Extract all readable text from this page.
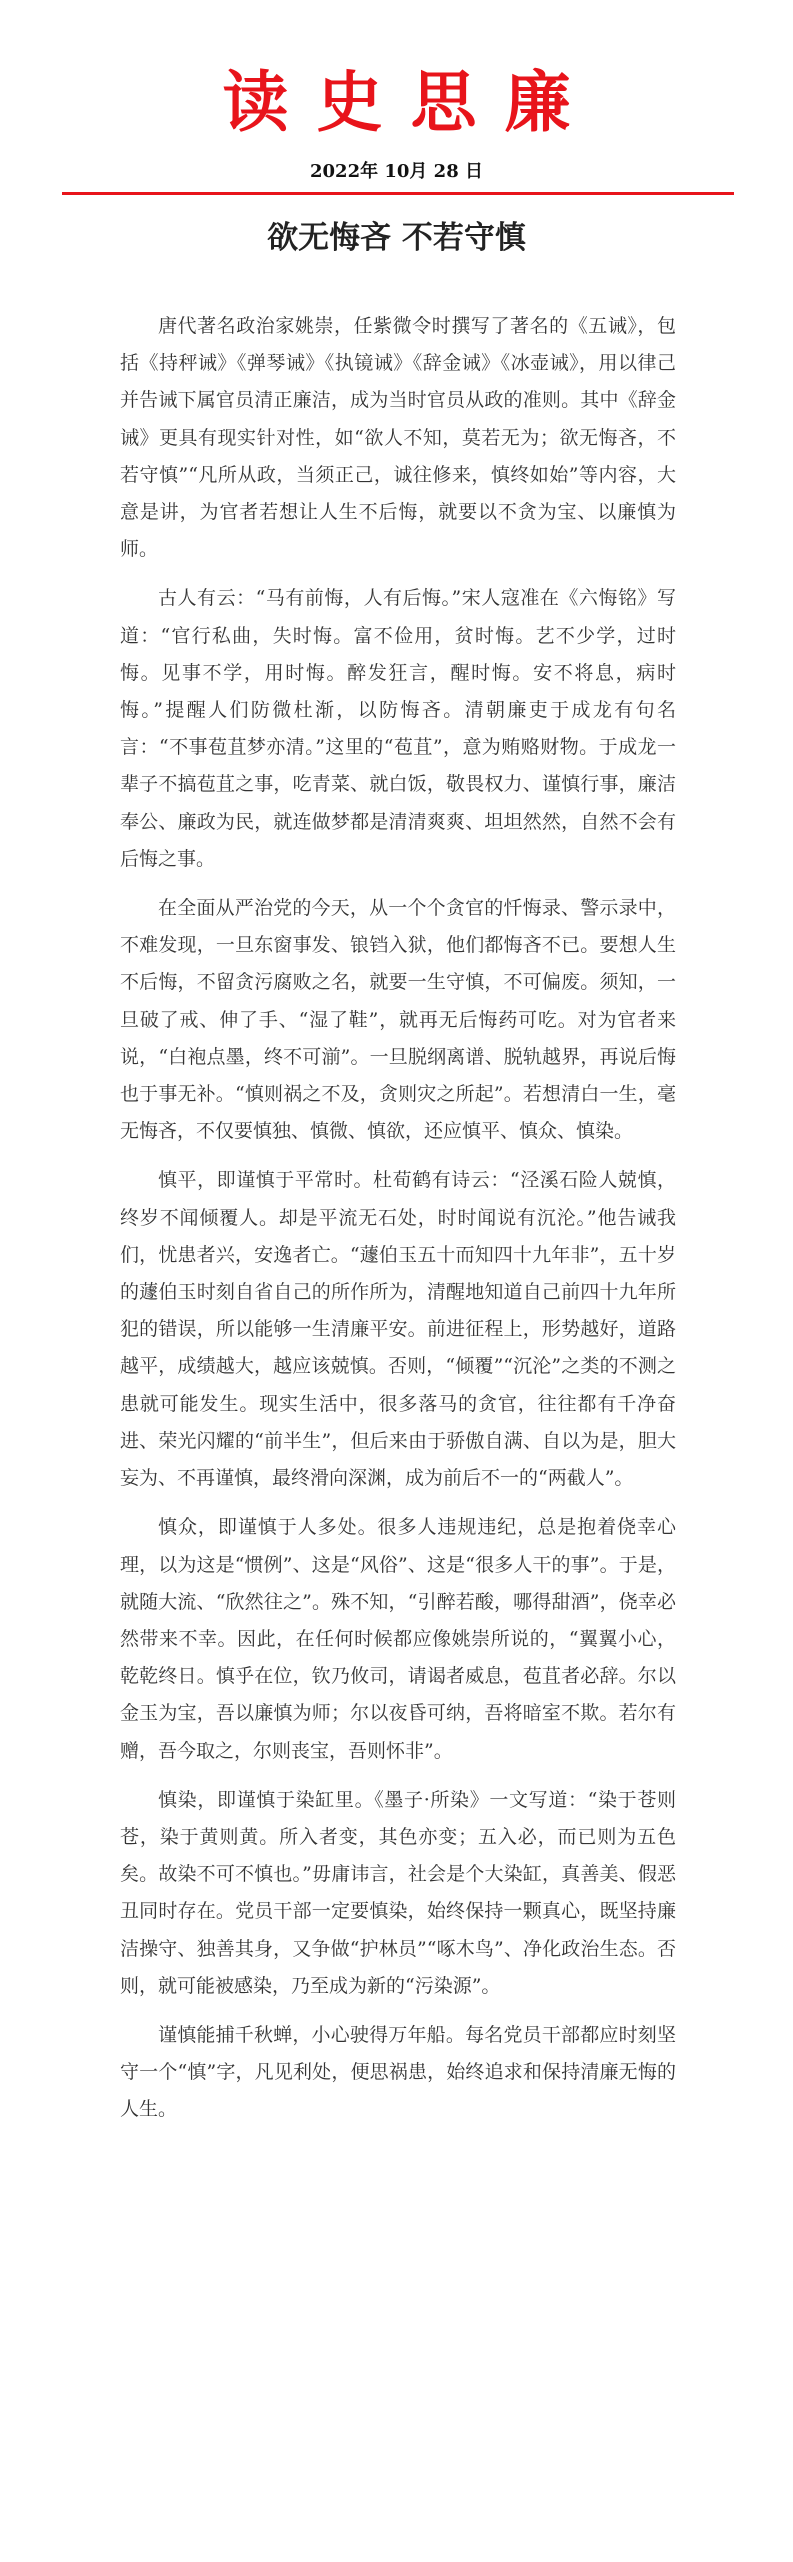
读史思廉
2022年 10月 28 日
欲无悔吝 不若守慎

唐代著名政治家姚崇，任紫微令时撰写了著名的《五诫》，包括《持秤诫》《弹琴诫》《执镜诫》《辞金诫》《冰壶诫》，用以律己并告诫下属官员清正廉洁，成为当时官员从政的准则。其中《辞金诫》更具有现实针对性，如“欲人不知，莫若无为；欲无悔吝，不若守慎”“凡所从政，当须正己，诚往修来，慎终如始”等内容，大意是讲，为官者若想让人生不后悔，就要以不贪为宝、以廉慎为师。

古人有云：“马有前悔，人有后悔。”宋人寇准在《六悔铭》写道：“官行私曲，失时悔。富不俭用，贫时悔。艺不少学，过时悔。见事不学，用时悔。醉发狂言，醒时悔。安不将息，病时悔。”提醒人们防微杜渐，以防悔吝。清朝廉吏于成龙有句名言：“不事苞苴梦亦清。”这里的“苞苴”，意为贿赂财物。于成龙一辈子不搞苞苴之事，吃青菜、就白饭，敬畏权力、谨慎行事，廉洁奉公、廉政为民，就连做梦都是清清爽爽、坦坦然然，自然不会有后悔之事。

在全面从严治党的今天，从一个个贪官的忏悔录、警示录中，不难发现，一旦东窗事发、锒铛入狱，他们都悔吝不已。要想人生不后悔，不留贪污腐败之名，就要一生守慎，不可偏废。须知，一旦破了戒、伸了手、“湿了鞋”，就再无后悔药可吃。对为官者来说，“白袍点墨，终不可湔”。一旦脱纲离谱、脱轨越界，再说后悔也于事无补。“慎则祸之不及，贪则灾之所起”。若想清白一生，毫无悔吝，不仅要慎独、慎微、慎欲，还应慎平、慎众、慎染。

慎平，即谨慎于平常时。杜荀鹤有诗云：“泾溪石险人兢慎，终岁不闻倾覆人。却是平流无石处，时时闻说有沉沦。”他告诫我们，忧患者兴，安逸者亡。“蘧伯玉五十而知四十九年非”，五十岁的蘧伯玉时刻自省自己的所作所为，清醒地知道自己前四十九年所犯的错误，所以能够一生清廉平安。前进征程上，形势越好，道路越平，成绩越大，越应该兢慎。否则，“倾覆”“沉沦”之类的不测之患就可能发生。现实生活中，很多落马的贪官，往往都有千净奋进、荣光闪耀的“前半生”，但后来由于骄傲自满、自以为是，胆大妄为、不再谨慎，最终滑向深渊，成为前后不一的“两截人”。

慎众，即谨慎于人多处。很多人违规违纪，总是抱着侥幸心理，以为这是“惯例”、这是“风俗”、这是“很多人干的事”。于是，就随大流、“欣然往之”。殊不知，“引醉若酸，哪得甜酒”，侥幸必然带来不幸。因此，在任何时候都应像姚崇所说的，“翼翼小心，乾乾终日。慎乎在位，钦乃攸司，请谒者威息，苞苴者必辞。尔以金玉为宝，吾以廉慎为师；尔以夜昏可纳，吾将暗室不欺。若尔有赠，吾今取之，尔则丧宝，吾则怀非”。

慎染，即谨慎于染缸里。《墨子·所染》一文写道：“染于苍则苍，染于黄则黄。所入者变，其色亦变；五入必，而已则为五色矣。故染不可不慎也。”毋庸讳言，社会是个大染缸，真善美、假恶丑同时存在。党员干部一定要慎染，始终保持一颗真心，既坚持廉洁操守、独善其身，又争做“护林员”“啄木鸟”、净化政治生态。否则，就可能被感染，乃至成为新的“污染源”。

谨慎能捕千秋蝉，小心驶得万年船。每名党员干部都应时刻坚守一个“慎”字，凡见利处，便思祸患，始终追求和保持清廉无悔的人生。
